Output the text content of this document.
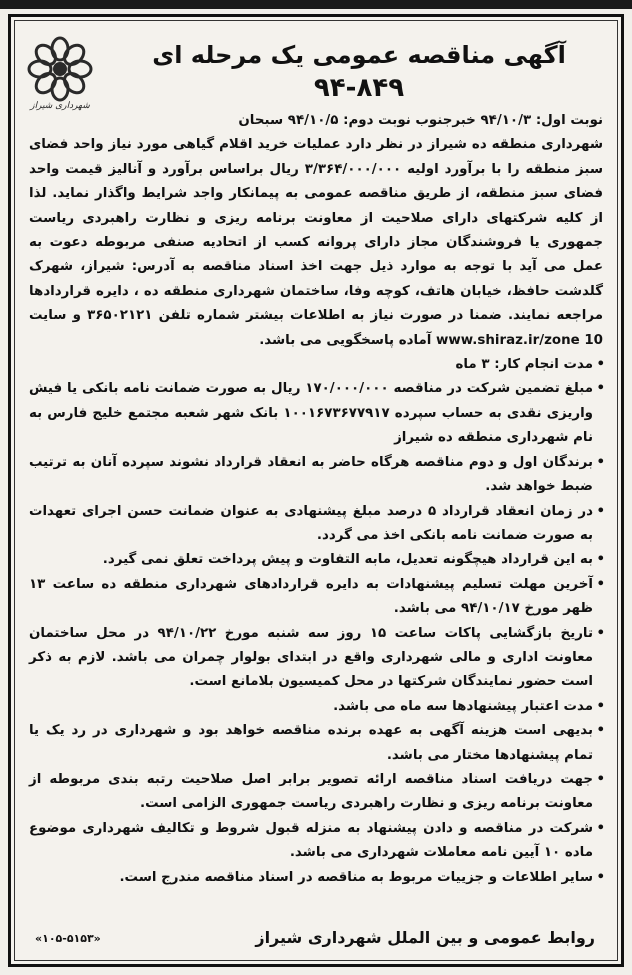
شهرداری شیراز

آگهی مناقصه عمومی یک مرحله ای

۹۴-۸۴۹

نوبت اول: ۹۴/۱۰/۳ خبرجنوب نوبت دوم: ۹۴/۱۰/۵ سبحان

شهرداری منطقه ده شیراز در نظر دارد عملیات خرید اقلام گیاهی مورد نیاز واحد فضای سبز منطقه را با برآورد اولیه ۳/۳۶۴/۰۰۰/۰۰۰ ریال براساس برآورد و آنالیز قیمت واحد فضای سبز منطقه، از طریق مناقصه عمومی به پیمانکار واجد شرایط واگذار نماید. لذا از کلیه شرکتهای دارای صلاحیت از معاونت برنامه ریزی و نظارت راهبردی ریاست جمهوری یا فروشندگان مجاز دارای پروانه کسب از اتحادیه صنفی مربوطه دعوت به عمل می آید با توجه به موارد ذیل جهت اخذ اسناد مناقصه به آدرس: شیراز، شهرک گلدشت حافظ، خیابان هاتف، کوچه وفا، ساختمان شهرداری منطقه ده ، دایره قراردادها مراجعه نمایند. ضمنا در صورت نیاز به اطلاعات بیشتر شماره تلفن ۳۶۵۰۲۱۲۱ و سایت www.shiraz.ir/zone 10 آماده پاسخگویی می باشد.

• مدت انجام کار: ۳ ماه

• مبلغ تضمین شرکت در مناقصه ۱۷۰/۰۰۰/۰۰۰ ریال به صورت ضمانت نامه بانکی یا فیش واریزی نقدی به حساب سپرده ۱۰۰۱۶۷۳۶۷۷۹۱۷ بانک شهر شعبه مجتمع خلیج فارس به نام شهرداری منطقه ده شیراز

• برندگان اول و دوم مناقصه هرگاه حاضر به انعقاد قرارداد نشوند سپرده آنان به ترتیب ضبط خواهد شد.

• در زمان انعقاد قرارداد ۵ درصد مبلغ پیشنهادی به عنوان ضمانت حسن اجرای تعهدات به صورت ضمانت نامه بانکی اخذ می گردد.

• به این قرارداد هیچگونه تعدیل، مابه التفاوت و پیش پرداخت تعلق نمی گیرد.

• آخرین مهلت تسلیم پیشنهادات به دایره قراردادهای شهرداری منطقه ده ساعت ۱۳ ظهر مورخ ۹۴/۱۰/۱۷ می باشد.

• تاریخ بازگشایی پاکات ساعت ۱۵ روز سه شنبه مورخ ۹۴/۱۰/۲۲ در محل ساختمان معاونت اداری و مالی شهرداری واقع در ابتدای بولوار چمران می باشد. لازم به ذکر است حضور نمایندگان شرکتها در محل کمیسیون بلامانع است.

• مدت اعتبار پیشنهادها سه ماه می باشد.

• بدیهی است هزینه آگهی به عهده برنده مناقصه خواهد بود و شهرداری در رد یک یا تمام پیشنهادها مختار می باشد.

• جهت دریافت اسناد مناقصه ارائه تصویر برابر اصل صلاحیت رتبه بندی مربوطه از معاونت برنامه ریزی و نظارت راهبردی ریاست جمهوری الزامی است.

• شرکت در مناقصه و دادن پیشنهاد به منزله قبول شروط و تکالیف شهرداری موضوع ماده ۱۰ آیین نامه معاملات شهرداری می باشد.

• سایر اطلاعات و جزییات مربوط به مناقصه در اسناد مناقصه مندرج است.

روابط عمومی و بین الملل شهرداری شیراز
«۱۰۵-۵۱۵۳»
